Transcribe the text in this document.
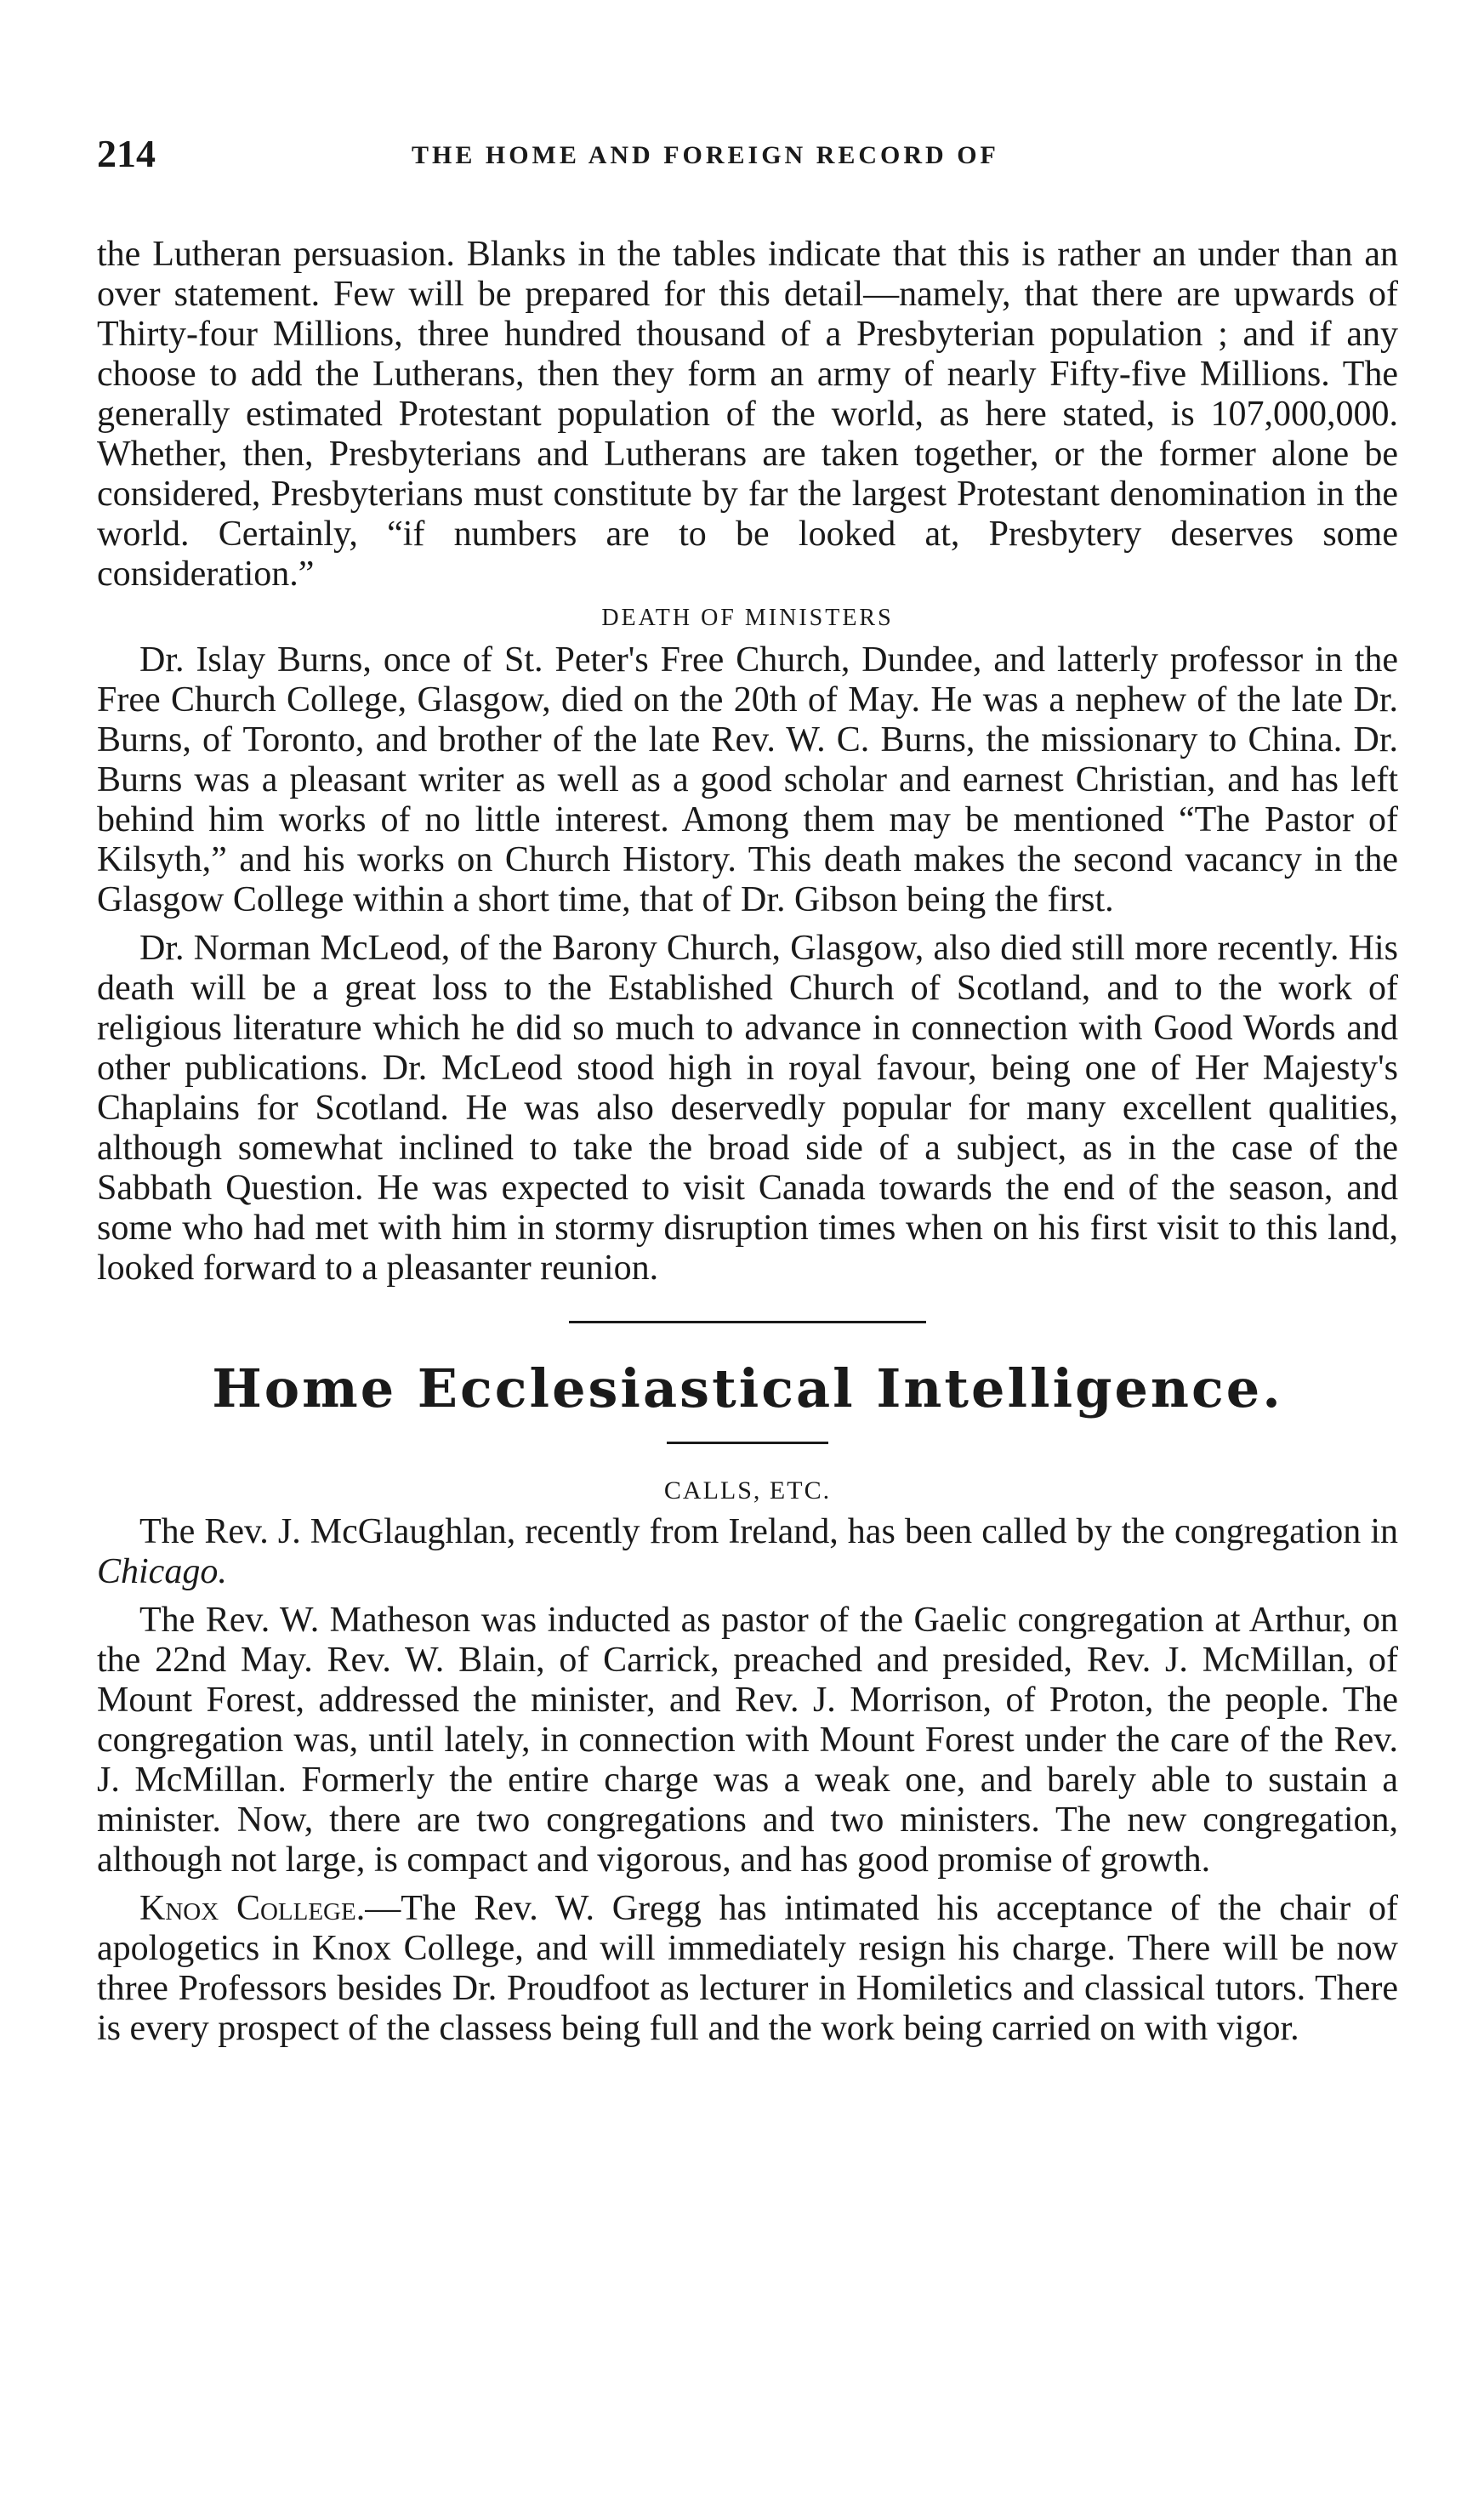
214	THE HOME AND FOREIGN RECORD OF

the Lutheran persuasion. Blanks in the tables indicate that this is rather an under than an over statement. Few will be prepared for this detail—namely, that there are upwards of Thirty-four Millions, three hundred thousand of a Presbyterian population ; and if any choose to add the Lutherans, then they form an army of nearly Fifty-five Millions. The generally estimated Protestant population of the world, as here stated, is 107,000,000. Whether, then, Presbyterians and Lutherans are taken together, or the former alone be considered, Presbyterians must constitute by far the largest Protestant denomination in the world. Certainly, “if numbers are to be looked at, Presbytery deserves some consideration.”

DEATH OF MINISTERS

Dr. Islay Burns, once of St. Peter's Free Church, Dundee, and latterly professor in the Free Church College, Glasgow, died on the 20th of May. He was a nephew of the late Dr. Burns, of Toronto, and brother of the late Rev. W. C. Burns, the missionary to China. Dr. Burns was a pleasant writer as well as a good scholar and earnest Christian, and has left behind him works of no little interest. Among them may be mentioned “The Pastor of Kilsyth,” and his works on Church History. This death makes the second vacancy in the Glasgow College within a short time, that of Dr. Gibson being the first.

Dr. Norman McLeod, of the Barony Church, Glasgow, also died still more recently. His death will be a great loss to the Established Church of Scotland, and to the work of religious literature which he did so much to advance in connection with Good Words and other publications. Dr. McLeod stood high in royal favour, being one of Her Majesty's Chaplains for Scotland. He was also deservedly popular for many excellent qualities, although somewhat inclined to take the broad side of a subject, as in the case of the Sabbath Question. He was expected to visit Canada towards the end of the season, and some who had met with him in stormy disruption times when on his first visit to this land, looked forward to a pleasanter reunion.

Home Ecclesiastical Intelligence.
CALLS, ETC.

The Rev. J. McGlaughlan, recently from Ireland, has been called by the congregation in Chicago.

The Rev. W. Matheson was inducted as pastor of the Gaelic congregation at Arthur, on the 22nd May. Rev. W. Blain, of Carrick, preached and presided, Rev. J. McMillan, of Mount Forest, addressed the minister, and Rev. J. Morrison, of Proton, the people. The congregation was, until lately, in connection with Mount Forest under the care of the Rev. J. McMillan. Formerly the entire charge was a weak one, and barely able to sustain a minister. Now, there are two congregations and two ministers. The new congregation, although not large, is compact and vigorous, and has good promise of growth.

Knox College.—The Rev. W. Gregg has intimated his acceptance of the chair of apologetics in Knox College, and will immediately resign his charge. There will be now three Professors besides Dr. Proudfoot as lecturer in Homiletics and classical tutors. There is every prospect of the classess being full and the work being carried on with vigor.
